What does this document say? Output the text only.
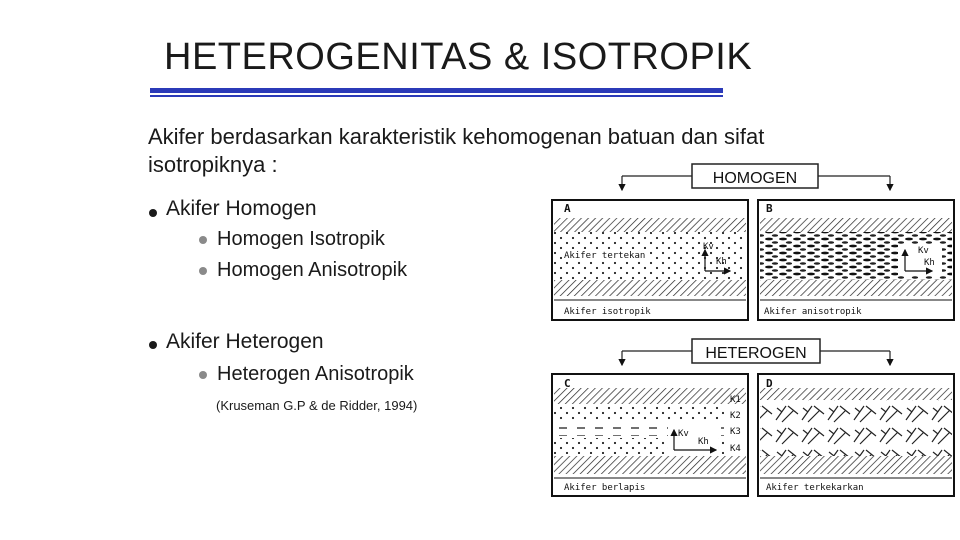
HETEROGENITAS & ISOTROPIK
Akifer berdasarkan karakteristik kehomogenan batuan dan sifat isotropiknya :
Akifer Homogen
Homogen Isotropik
Homogen Anisotropik
Akifer Heterogen
Heterogen Anisotropik
(Kruseman G.P & de Ridder, 1994)
HOMOGEN
A
Akifer tertekan
Kv
Kh
Akifer isotropik
B
Kv
Kh
Akifer anisotropik
HETEROGEN
C
K1
K2
K3
K4
Kv
Kh
Akifer berlapis
D
Akifer terkekarkan
